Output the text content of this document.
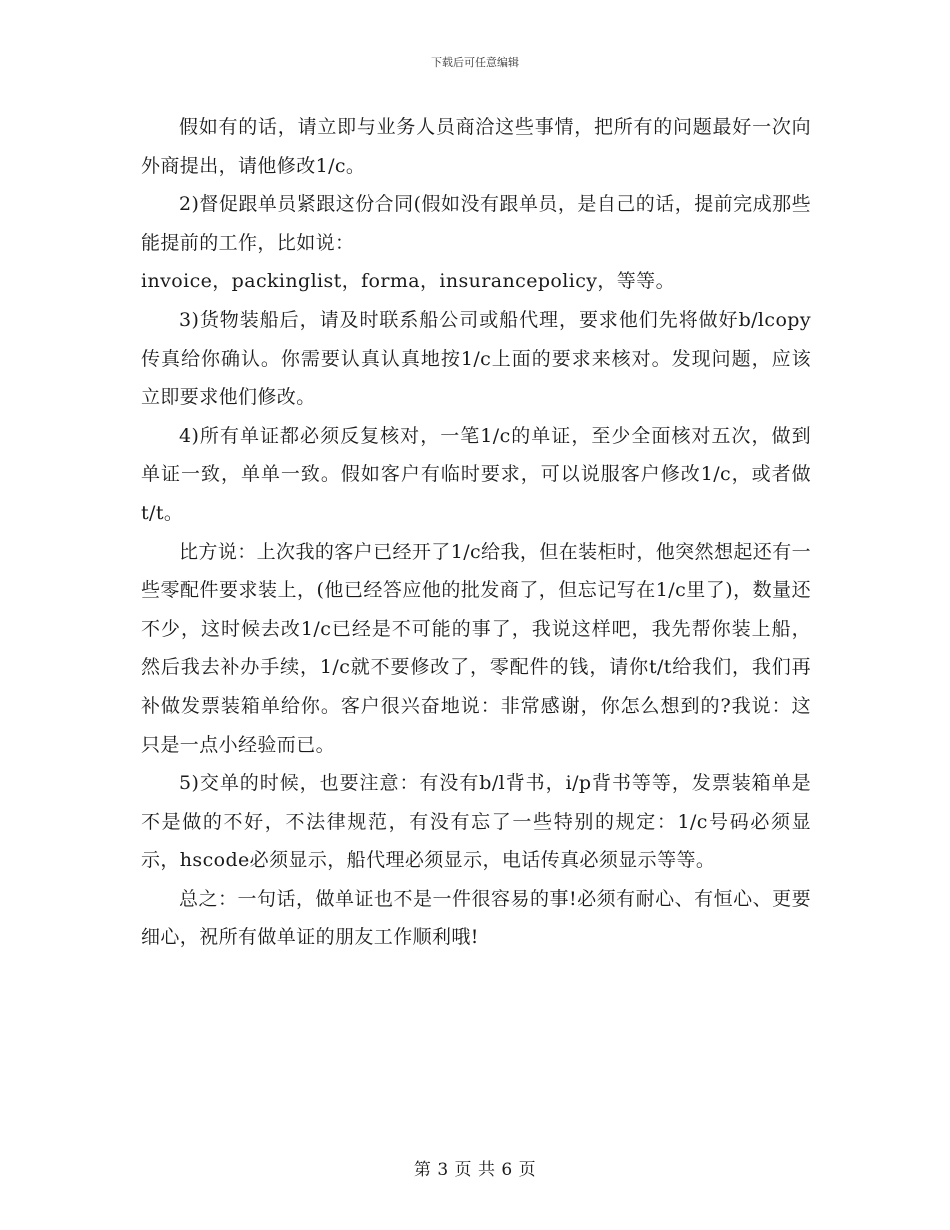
下载后可任意编辑

假如有的话，请立即与业务人员商洽这些事情，把所有的问题最好一次向外商提出，请他修改1/c。

2)督促跟单员紧跟这份合同(假如没有跟单员，是自己的话，提前完成那些能提前的工作，比如说：

invoice，packinglist，forma，insurancepolicy，等等。

3)货物装船后，请及时联系船公司或船代理，要求他们先将做好b/lcopy传真给你确认。你需要认真认真地按1/c上面的要求来核对。发现问题，应该立即要求他们修改。

4)所有单证都必须反复核对，一笔1/c的单证，至少全面核对五次，做到单证一致，单单一致。假如客户有临时要求，可以说服客户修改1/c，或者做t/t。

比方说：上次我的客户已经开了1/c给我，但在装柜时，他突然想起还有一些零配件要求装上，(他已经答应他的批发商了，但忘记写在1/c里了)，数量还不少，这时候去改1/c已经是不可能的事了，我说这样吧，我先帮你装上船，然后我去补办手续，1/c就不要修改了，零配件的钱，请你t/t给我们，我们再补做发票装箱单给你。客户很兴奋地说：非常感谢，你怎么想到的?我说：这只是一点小经验而已。

5)交单的时候，也要注意：有没有b/l背书，i/p背书等等，发票装箱单是不是做的不好，不法律规范，有没有忘了一些特别的规定：1/c号码必须显示，hscode必须显示，船代理必须显示，电话传真必须显示等等。

总之：一句话，做单证也不是一件很容易的事!必须有耐心、有恒心、更要细心，祝所有做单证的朋友工作顺利哦!

第 3 页 共 6 页
